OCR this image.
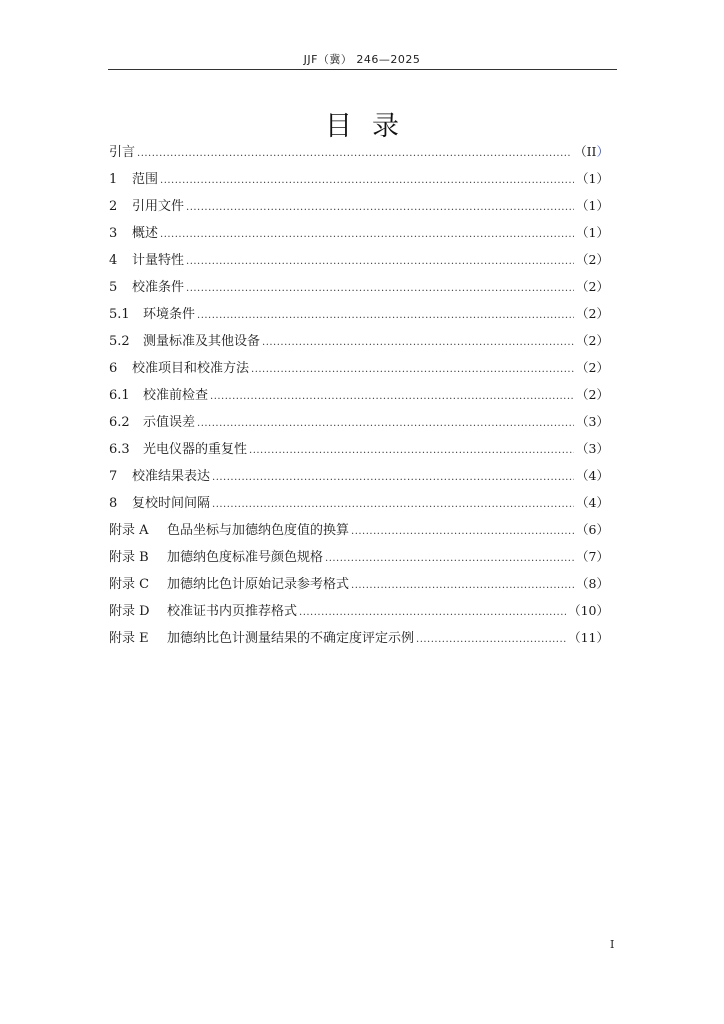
JJF（冀） 246—2025
目录
引言 .....	（II）
1	范围 .....	（1）
2	引用文件 .....	（1）
3	概述 .....	（1）
4	计量特性 .....	（2）
5	校准条件 .....	（2）
5.1	环境条件 .....	（2）
5.2	测量标准及其他设备 .....	（2）
6	校准项目和校准方法 .....	（2）
6.1	校准前检查 .....	（2）
6.2	示值误差 .....	（3）
6.3	光电仪器的重复性 .....	（3）
7	校准结果表达 .....	（4）
8	复校时间间隔 .....	（4）
附录 A	色品坐标与加德纳色度值的换算 .....	（6）
附录 B	加德纳色度标准号颜色规格 .....	（7）
附录 C	加德纳比色计原始记录参考格式 .....	（8）
附录 D	校准证书内页推荐格式 .....	（10）
附录 E	加德纳比色计测量结果的不确定度评定示例 .....	（11）
I
